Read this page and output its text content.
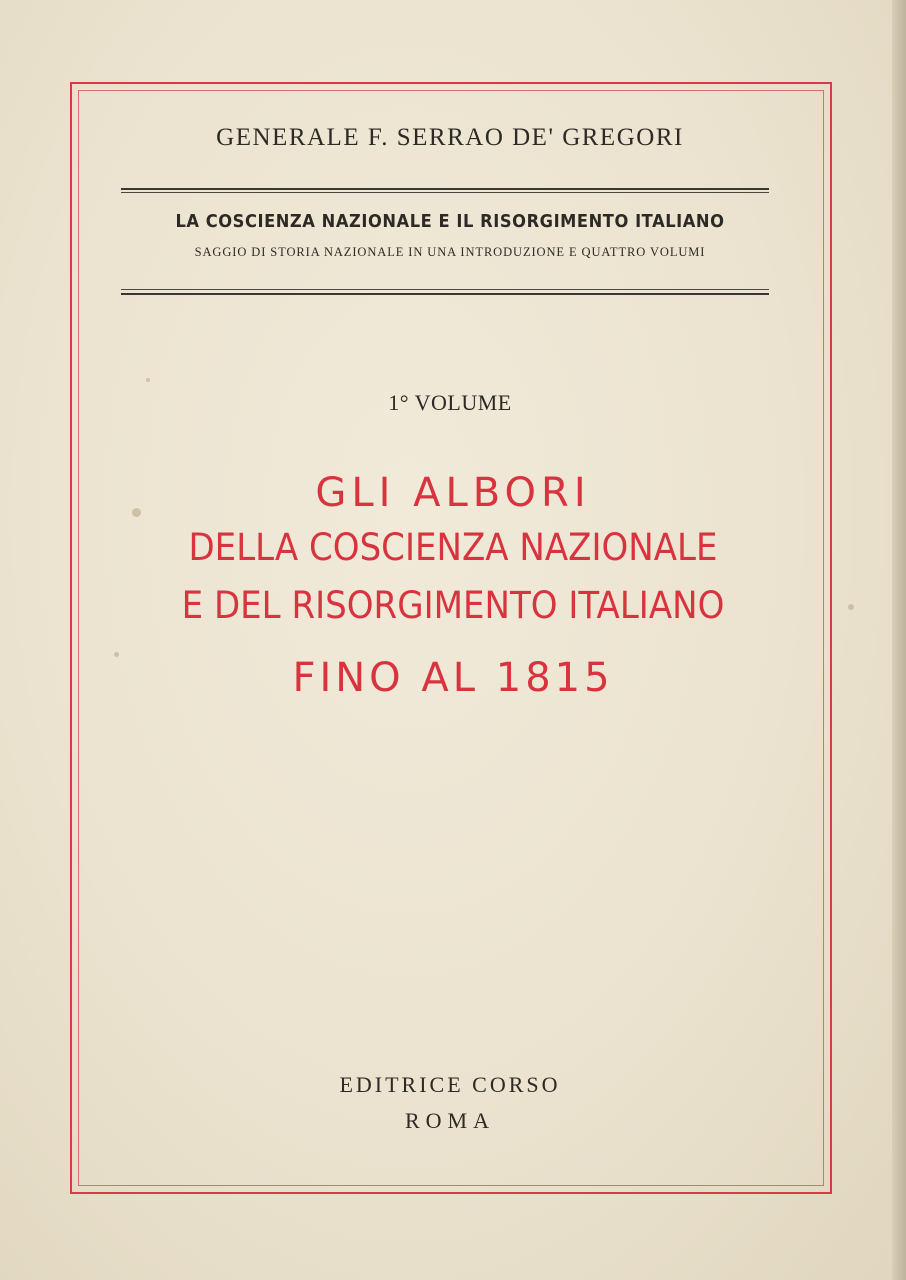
GENERALE F. SERRAO DE' GREGORI
LA COSCIENZA NAZIONALE E IL RISORGIMENTO ITALIANO
SAGGIO DI STORIA NAZIONALE IN UNA INTRODUZIONE E QUATTRO VOLUMI
1° VOLUME
GLI ALBORI
DELLA COSCIENZA NAZIONALE
E DEL RISORGIMENTO ITALIANO
FINO AL 1815
EDITRICE CORSO
ROMA
